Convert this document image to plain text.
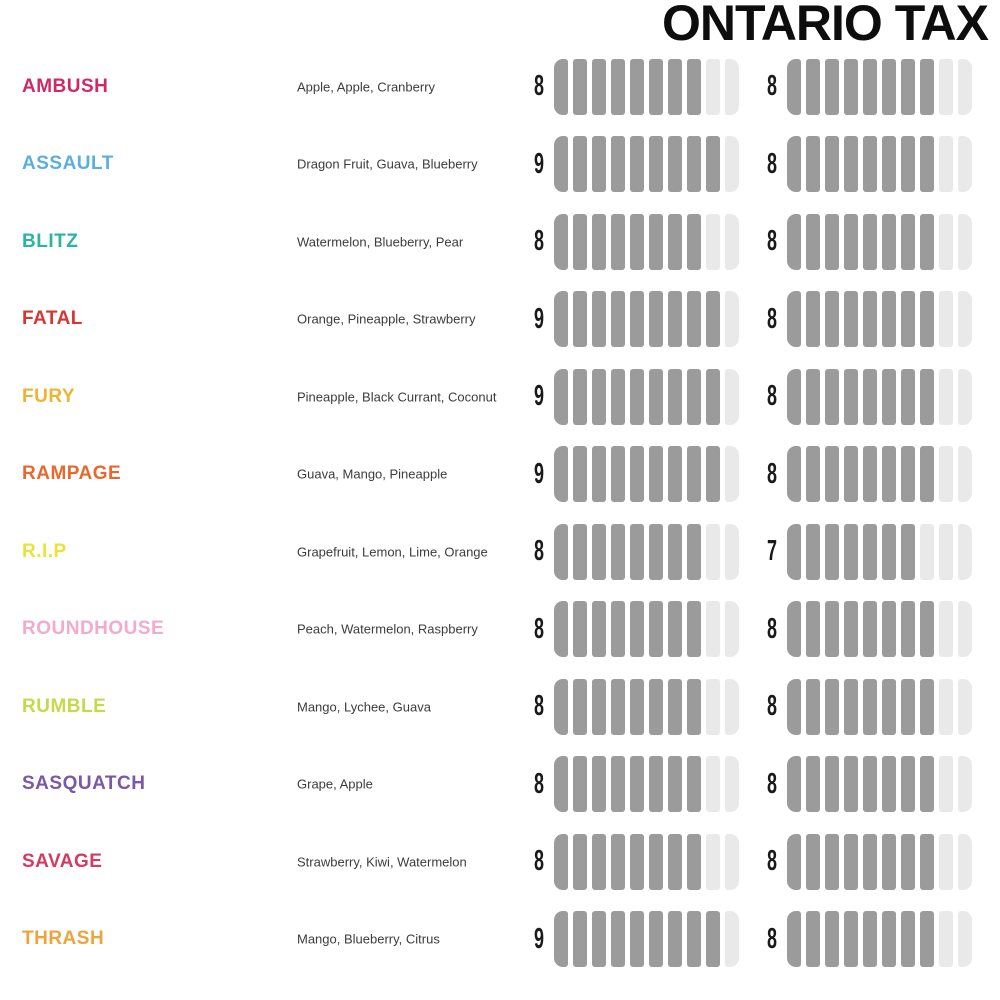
ONTARIO TAX
AMBUSH	Apple, Apple, Cranberry	8	8
ASSAULT	Dragon Fruit, Guava, Blueberry 9	8
BLITZ	Watermelon, Blueberry, Pear 8	8
FATAL	Orange, Pineapple, Strawberry 9	8
FURY	Pineapple, Black Currant, Coconut 9	8
RAMPAGE	Guava, Mango, Pineapple	9	8
R.I.P	Grapefruit, Lemon, Lime, Orange 8	7
ROUNDHOUSE	Peach, Watermelon, Raspberry 8	8
RUMBLE	Mango, Lychee, Guava	8	8
SASQUATCH	Grape, Apple	8	8
SAVAGE	Strawberry, Kiwi, Watermelon 8	8
THRASH	Mango, Blueberry, Citrus	9	8
